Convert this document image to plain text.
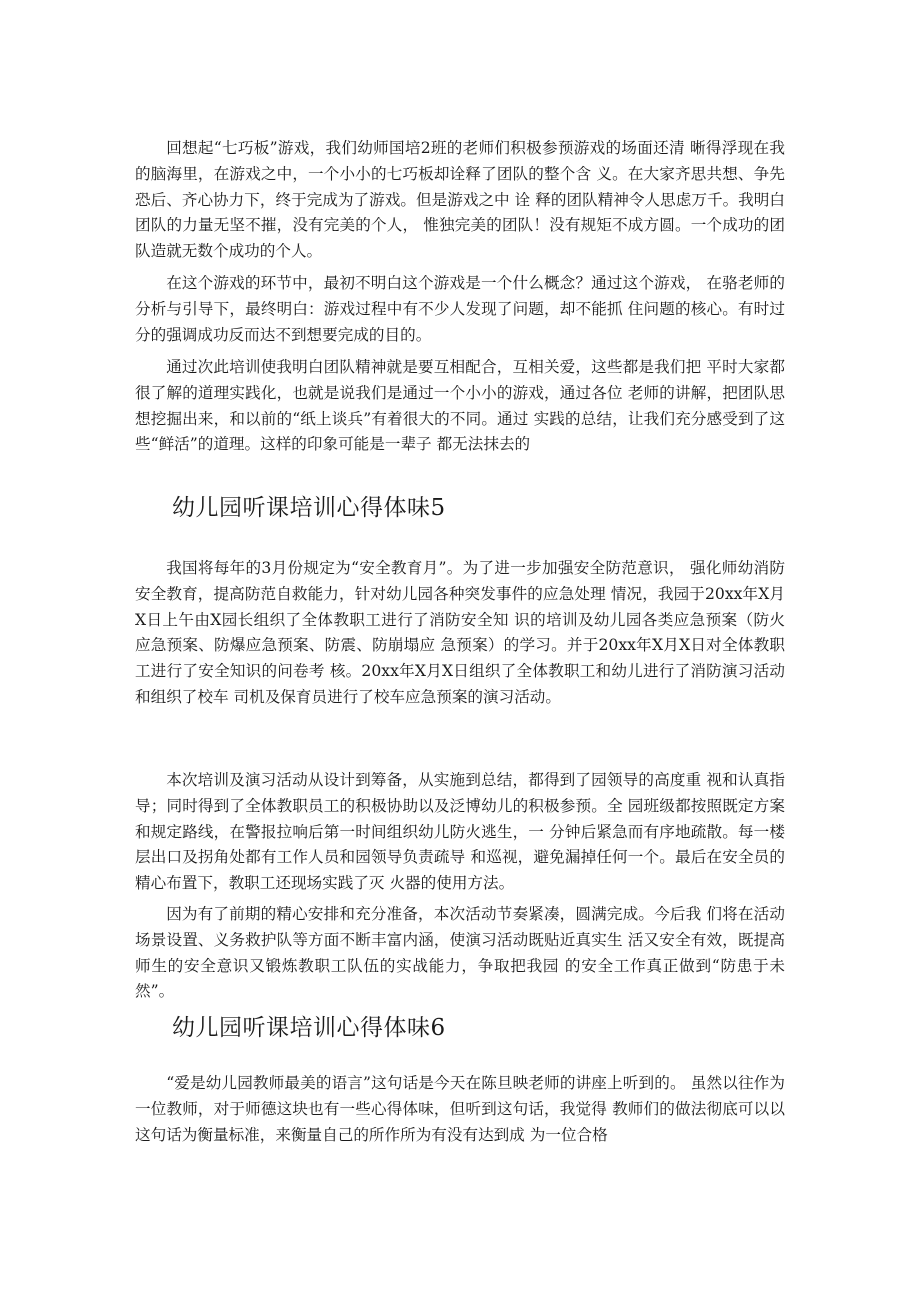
回想起“七巧板”游戏，我们幼师国培2班的老师们积极参预游戏的场面还清 晰得浮现在我的脑海里，在游戏之中，一个小小的七巧板却诠释了团队的整个含 义。在大家齐思共想、争先恐后、齐心协力下，终于完成为了游戏。但是游戏之中 诠 释的团队精神令人思虑万千。我明白团队的力量无坚不摧，没有完美的个人， 惟独完美的团队！没有规矩不成方圆。一个成功的团队造就无数个成功的个人。

在这个游戏的环节中，最初不明白这个游戏是一个什么概念？通过这个游戏， 在骆老师的分析与引导下，最终明白：游戏过程中有不少人发现了问题，却不能抓 住问题的核心。有时过分的强调成功反而达不到想要完成的目的。

通过次此培训使我明白团队精神就是要互相配合，互相关爱，这些都是我们把 平时大家都很了解的道理实践化，也就是说我们是通过一个小小的游戏，通过各位 老师的讲解，把团队思想挖掘出来，和以前的“纸上谈兵”有着很大的不同。通过 实践的总结，让我们充分感受到了这些“鲜活”的道理。这样的印象可能是一辈子 都无法抹去的

幼儿园听课培训心得体味5

我国将每年的3月份规定为“安全教育月”。为了进一步加强安全防范意识， 强化师幼消防安全教育，提高防范自救能力，针对幼儿园各种突发事件的应急处理 情况，我园于20xx年X月X日上午由X园长组织了全体教职工进行了消防安全知 识的培训及幼儿园各类应急预案（防火应急预案、防爆应急预案、防震、防崩塌应 急预案）的学习。并于20xx年X月X日对全体教职工进行了安全知识的问卷考 核。20xx年X月X日组织了全体教职工和幼儿进行了消防演习活动和组织了校车 司机及保育员进行了校车应急预案的演习活动。

本次培训及演习活动从设计到筹备，从实施到总结，都得到了园领导的高度重 视和认真指导；同时得到了全体教职员工的积极协助以及泛博幼儿的积极参预。全 园班级都按照既定方案和规定路线，在警报拉响后第一时间组织幼儿防火逃生，一 分钟后紧急而有序地疏散。每一楼层出口及拐角处都有工作人员和园领导负责疏导 和巡视，避免漏掉任何一个。最后在安全员的精心布置下，教职工还现场实践了灭 火器的使用方法。

因为有了前期的精心安排和充分准备，本次活动节奏紧凑，圆满完成。今后我 们将在活动场景设置、义务救护队等方面不断丰富内涵，使演习活动既贴近真实生 活又安全有效，既提高师生的安全意识又锻炼教职工队伍的实战能力，争取把我园 的安全工作真正做到“防患于未然”。

幼儿园听课培训心得体味6

“爱是幼儿园教师最美的语言”这句话是今天在陈旦映老师的讲座上听到的。 虽然以往作为一位教师，对于师德这块也有一些心得体味，但听到这句话，我觉得 教师们的做法彻底可以以这句话为衡量标准，来衡量自己的所作所为有没有达到成 为一位合格
